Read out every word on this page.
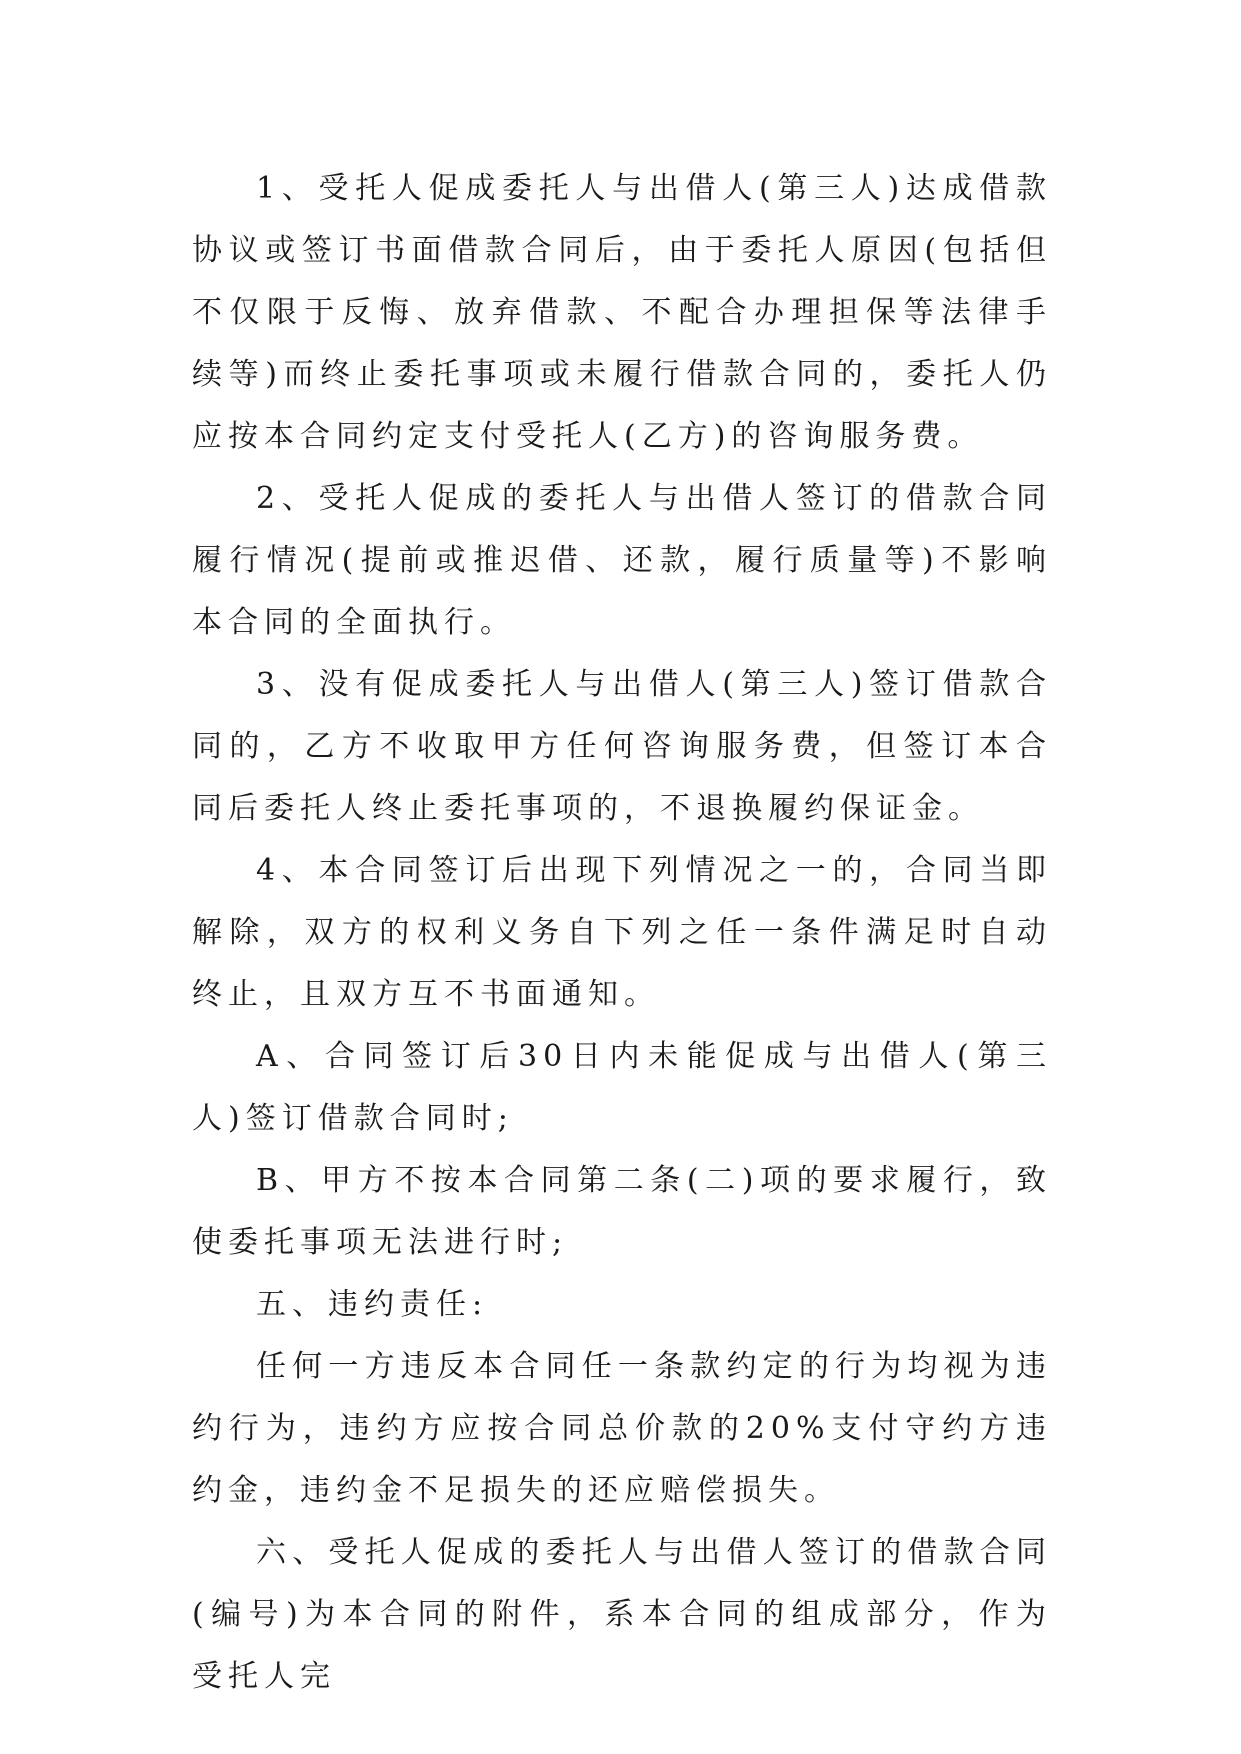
1、受托人促成委托人与出借人(第三人)达成借款协议或签订书面借款合同后，由于委托人原因(包括但不仅限于反悔、放弃借款、不配合办理担保等法律手续等)而终止委托事项或未履行借款合同的，委托人仍应按本合同约定支付受托人(乙方)的咨询服务费。

2、受托人促成的委托人与出借人签订的借款合同履行情况(提前或推迟借、还款，履行质量等)不影响本合同的全面执行。

3、没有促成委托人与出借人(第三人)签订借款合同的，乙方不收取甲方任何咨询服务费，但签订本合同后委托人终止委托事项的，不退换履约保证金。

4、本合同签订后出现下列情况之一的，合同当即解除，双方的权利义务自下列之任一条件满足时自动终止，且双方互不书面通知。

A、合同签订后30日内未能促成与出借人(第三人)签订借款合同时;

B、甲方不按本合同第二条(二)项的要求履行，致使委托事项无法进行时;

五、违约责任:

任何一方违反本合同任一条款约定的行为均视为违约行为，违约方应按合同总价款的20%支付守约方违约金，违约金不足损失的还应赔偿损失。

六、受托人促成的委托人与出借人签订的借款合同(编号)为本合同的附件，系本合同的组成部分，作为受托人完
